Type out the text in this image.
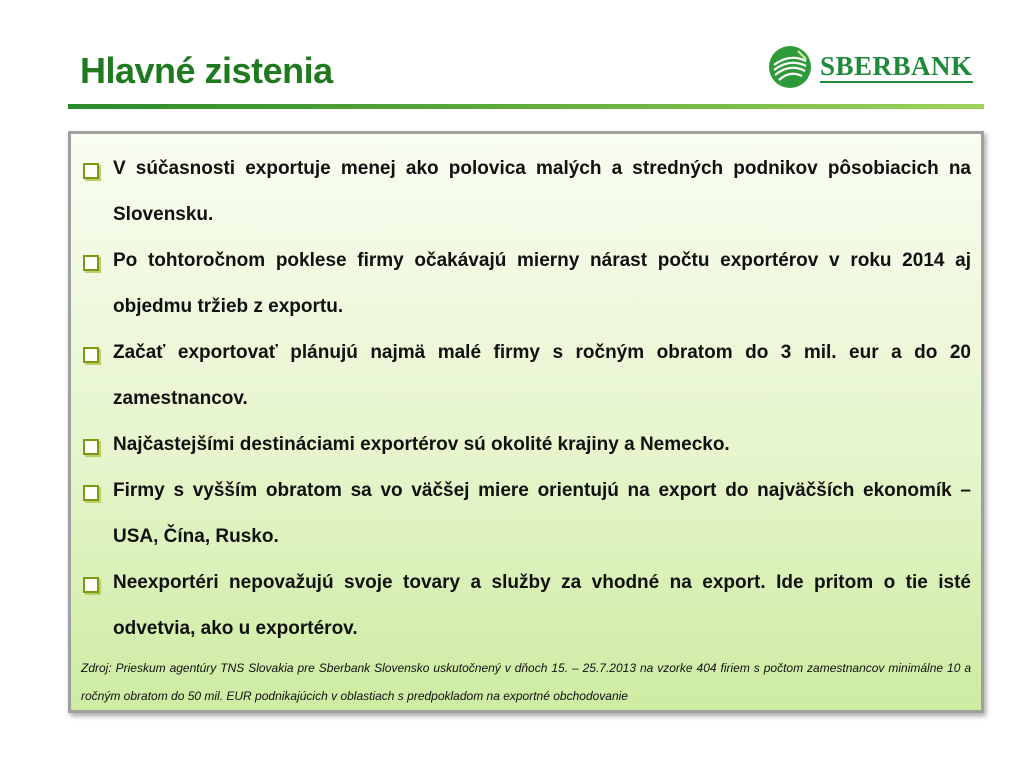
Hlavné zistenia	SBERBANK
V súčasnosti exportuje menej ako polovica malých a stredných podnikov pôsobiacich na Slovensku.
Po tohtoročnom poklese firmy očakávajú mierny nárast počtu exportérov v roku 2014 aj objedmu tržieb z exportu.
Začať exportovať plánujú najmä malé firmy s ročným obratom do 3 mil. eur a do 20 zamestnancov.
Najčastejšími destináciami exportérov sú okolité krajiny a Nemecko.
Firmy s vyšším obratom sa vo väčšej miere orientujú na export do najväčších ekonomík – USA, Čína, Rusko.
Neexportéri nepovažujú svoje tovary a služby za vhodné na export. Ide pritom o tie isté odvetvia, ako u exportérov.

Zdroj: Prieskum agentúry TNS Slovakia pre Sberbank Slovensko uskutočnený v dňoch 15. – 25.7.2013 na vzorke 404 firiem s počtom zamestnancov minimálne 10 a ročným obratom do 50 mil. EUR podnikajúcich v oblastiach s predpokladom na exportné obchodovanie
